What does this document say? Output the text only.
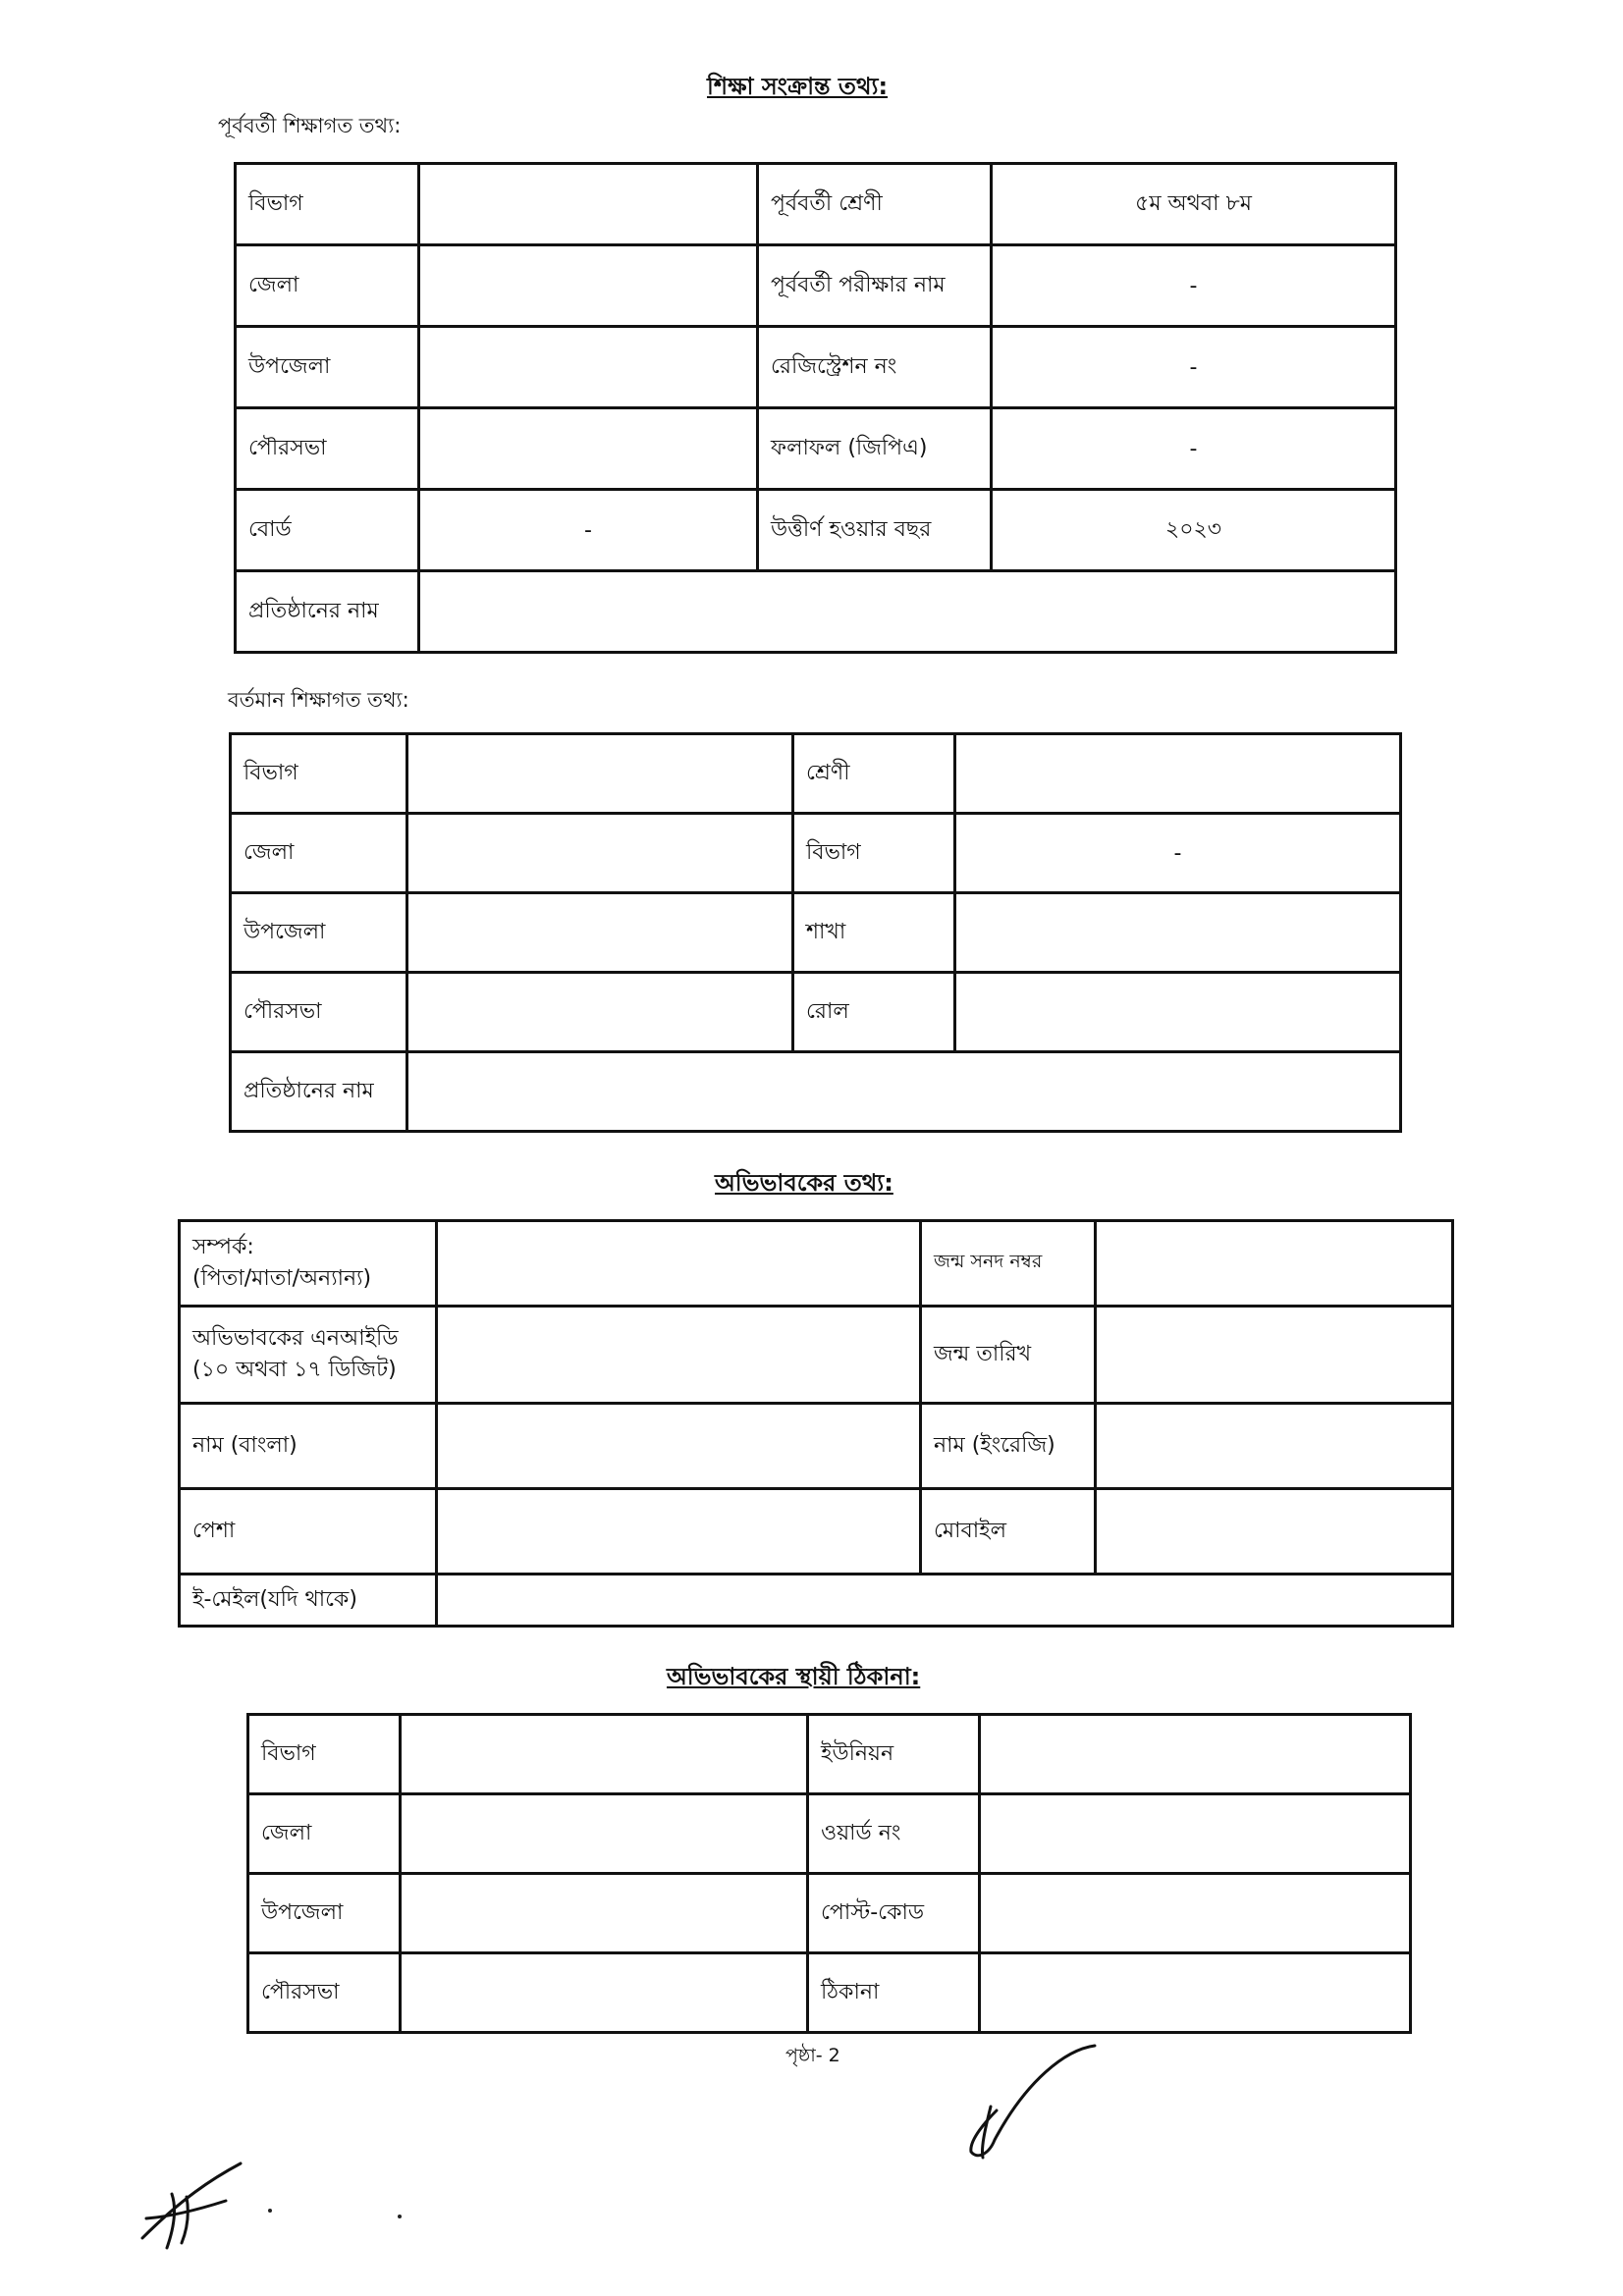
শিক্ষা সংক্রান্ত তথ্য:
পূর্ববর্তী শিক্ষাগত তথ্য:
বিভাগ		পূর্ববর্তী শ্রেণী	৫ম অথবা ৮ম
জেলা		পূর্ববর্তী পরীক্ষার নাম	-
উপজেলা		রেজিস্ট্রেশন নং	-
পৌরসভা		ফলাফল (জিপিএ)	-
বোর্ড	-	উত্তীর্ণ হওয়ার বছর	২০২৩
প্রতিষ্ঠানের নাম			
বর্তমান শিক্ষাগত তথ্য:
বিভাগ		শ্রেণী	
জেলা		বিভাগ	-
উপজেলা		শাখা	
পৌরসভা		রোল	
প্রতিষ্ঠানের নাম			
অভিভাবকের তথ্য:
সম্পর্ক:
(পিতা/মাতা/অন্যান্য)		জন্ম সনদ নম্বর	
অভিভাবকের এনআইডি
(১০ অথবা ১৭ ডিজিট)		জন্ম তারিখ	
নাম (বাংলা)		নাম (ইংরেজি)	
পেশা		মোবাইল	
ই-মেইল(যদি থাকে)			
অভিভাবকের স্থায়ী ঠিকানা:
বিভাগ		ইউনিয়ন	
জেলা		ওয়ার্ড নং	
উপজেলা		পোস্ট-কোড	
পৌরসভা		ঠিকানা	
পৃষ্ঠা- 2
